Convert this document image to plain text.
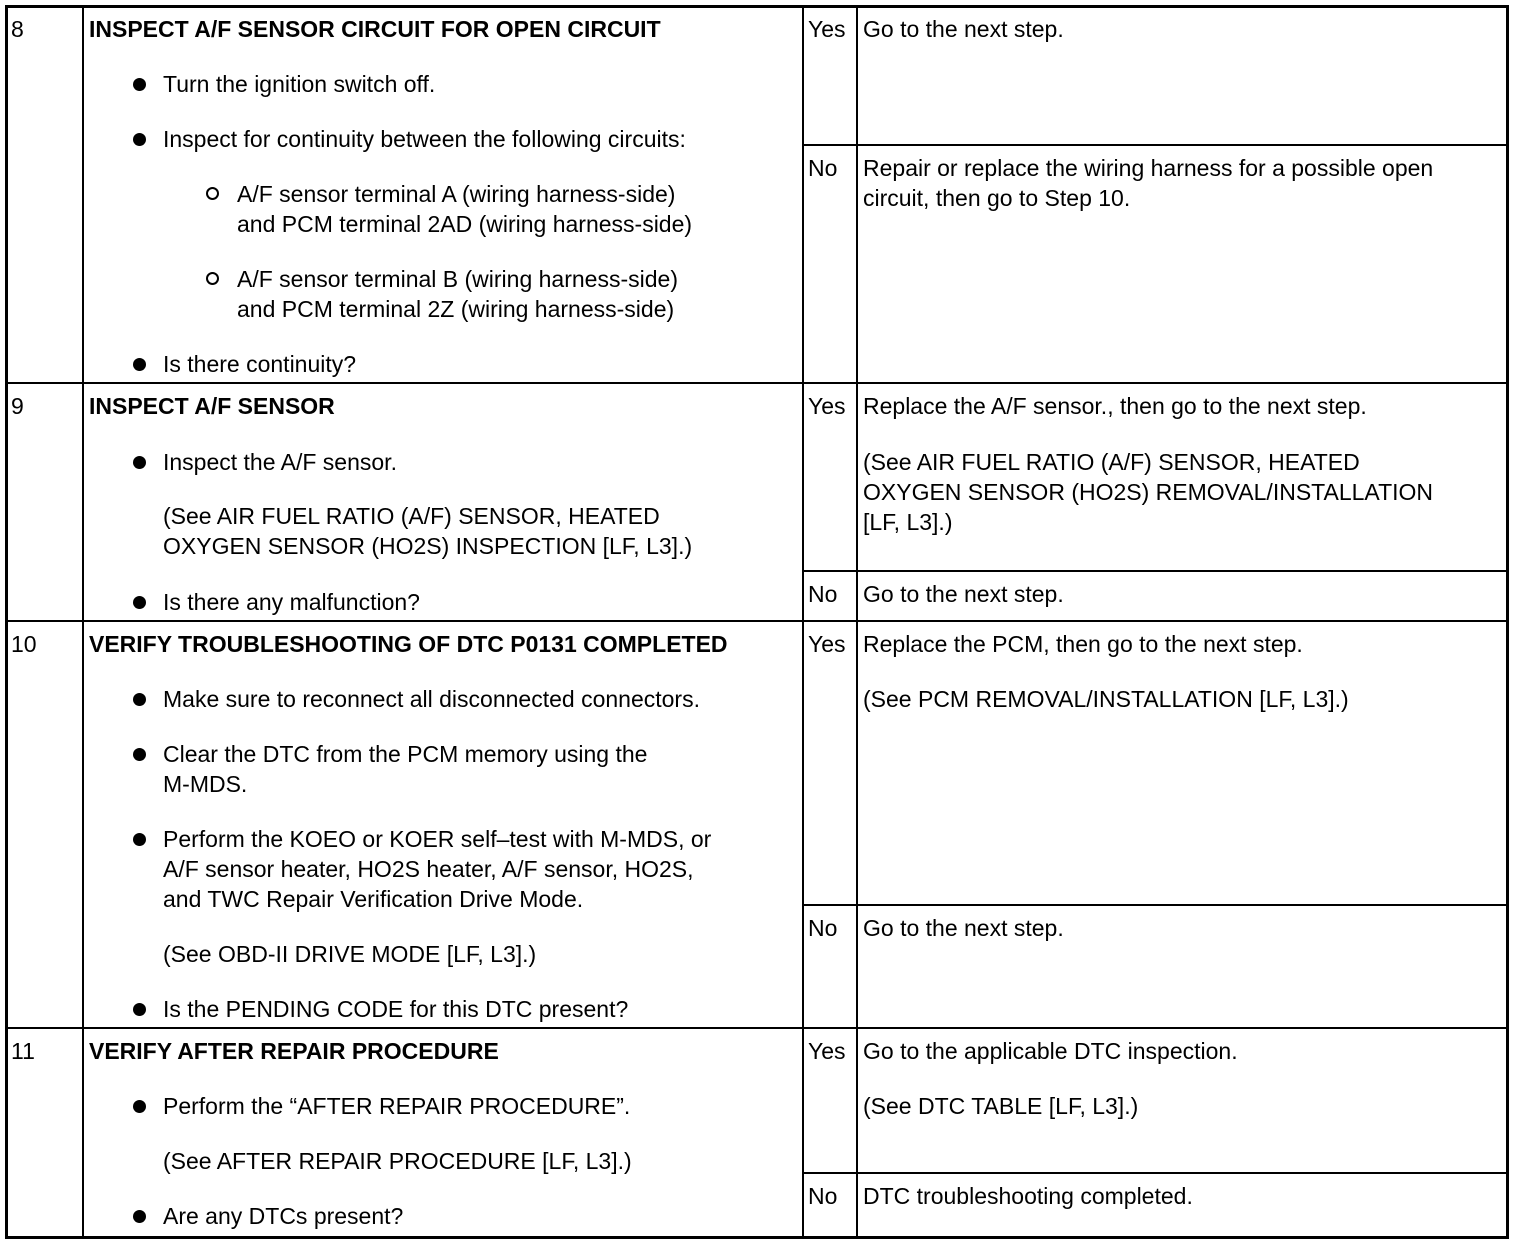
8	INSPECT A/F SENSOR CIRCUIT FOR OPEN CIRCUIT
Turn the ignition switch off.
Inspect for continuity between the following circuits:
A/F sensor terminal A (wiring harness-side)
and PCM terminal 2AD (wiring harness-side)
A/F sensor terminal B (wiring harness-side)
and PCM terminal 2Z (wiring harness-side)
Is there continuity?
Yes Go to the next step.
No Repair or replace the wiring harness for a possible open
circuit, then go to Step 10.
9	INSPECT A/F SENSOR
Inspect the A/F sensor.
(See AIR FUEL RATIO (A/F) SENSOR, HEATED
OXYGEN SENSOR (HO2S) INSPECTION [LF, L3].)
Is there any malfunction?
Yes Replace the A/F sensor., then go to the next step.
(See AIR FUEL RATIO (A/F) SENSOR, HEATED
OXYGEN SENSOR (HO2S) REMOVAL/INSTALLATION
[LF, L3].)
No Go to the next step.
10 VERIFY TROUBLESHOOTING OF DTC P0131 COMPLETED
Make sure to reconnect all disconnected connectors.
Clear the DTC from the PCM memory using the
M-MDS.
Perform the KOEO or KOER self–test with M-MDS, or
A/F sensor heater, HO2S heater, A/F sensor, HO2S,
and TWC Repair Verification Drive Mode.
(See OBD-II DRIVE MODE [LF, L3].)
Is the PENDING CODE for this DTC present?
Yes Replace the PCM, then go to the next step.
(See PCM REMOVAL/INSTALLATION [LF, L3].)
No Go to the next step.
11 VERIFY AFTER REPAIR PROCEDURE
Perform the “AFTER REPAIR PROCEDURE”.
(See AFTER REPAIR PROCEDURE [LF, L3].)
Are any DTCs present?
Yes Go to the applicable DTC inspection.
(See DTC TABLE [LF, L3].)
No DTC troubleshooting completed.
